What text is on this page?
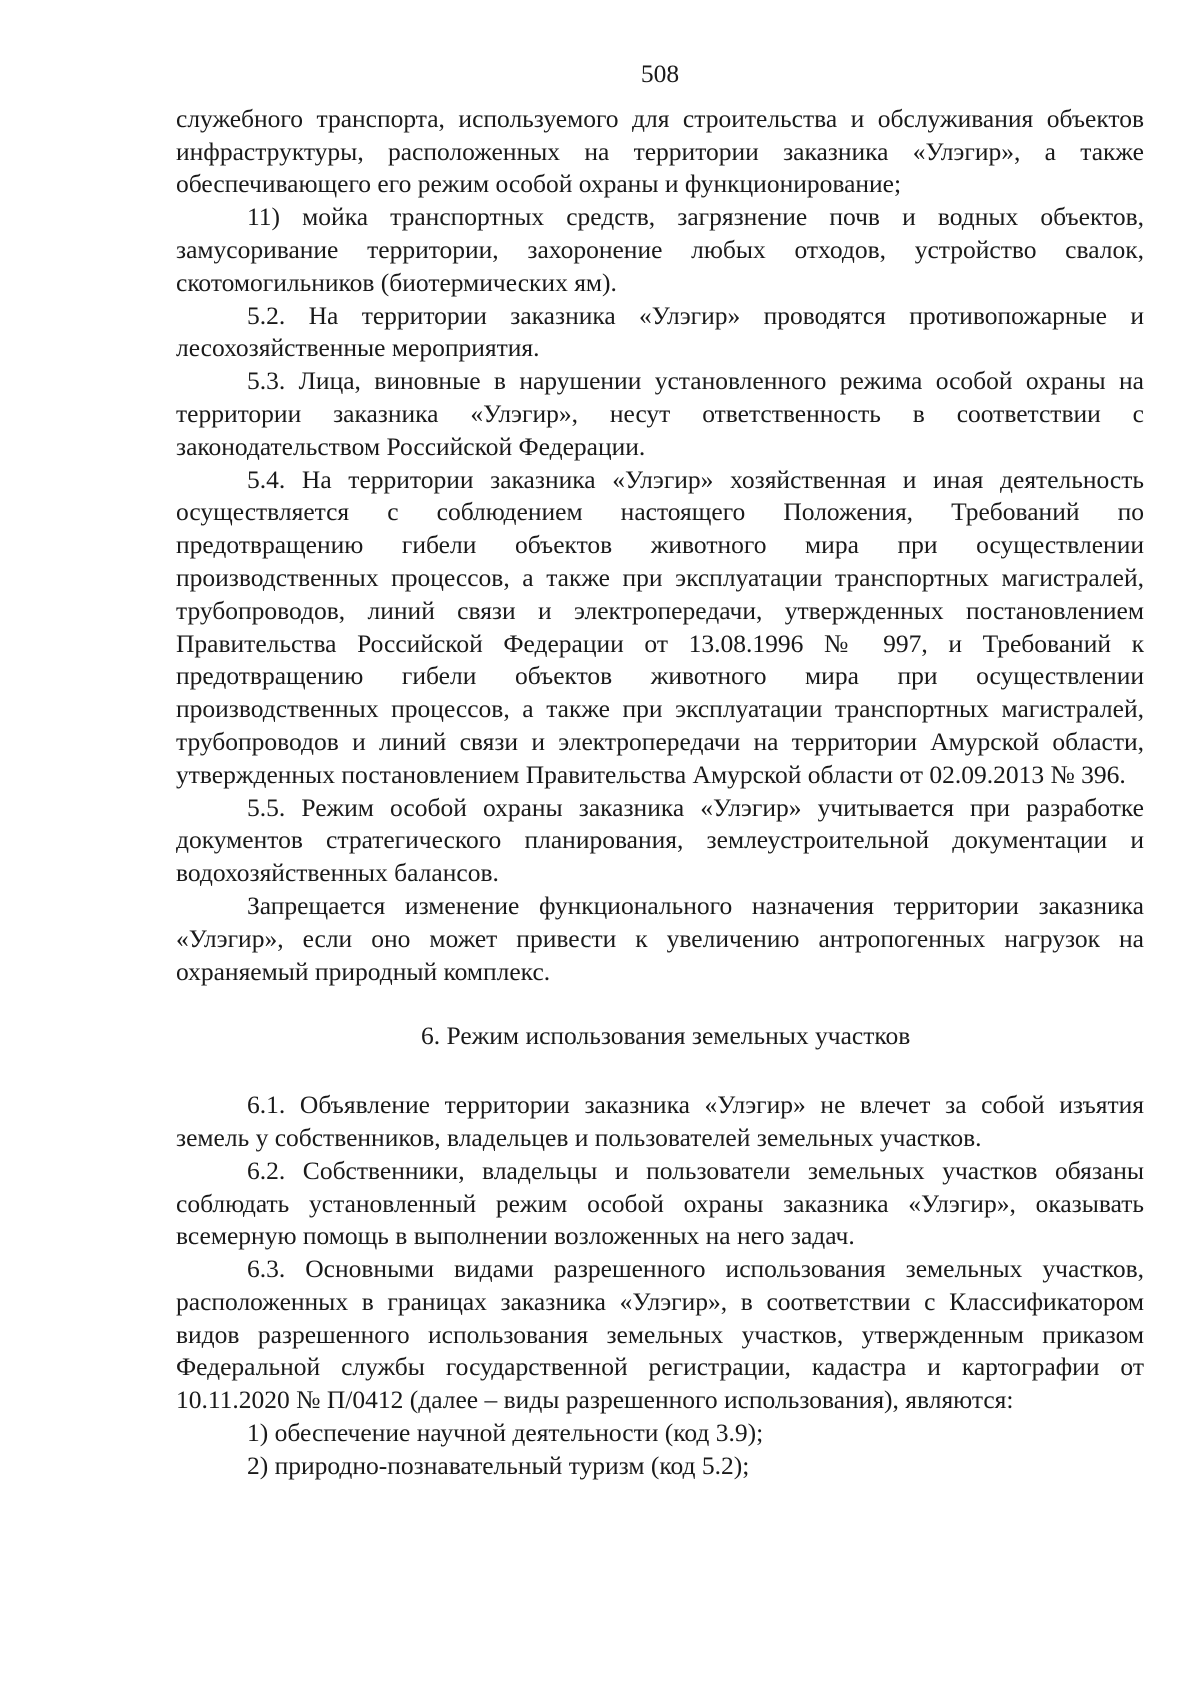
508

служебного транспорта, используемого для строительства и обслуживания объектов инфраструктуры, расположенных на территории заказника «Улэгир», а также обеспечивающего его режим особой охраны и функционирование;

11) мойка транспортных средств, загрязнение почв и водных объектов, замусоривание территории, захоронение любых отходов, устройство свалок, скотомогильников (биотермических ям).

5.2. На территории заказника «Улэгир» проводятся противопожарные и лесохозяйственные мероприятия.

5.3. Лица, виновные в нарушении установленного режима особой охраны на территории заказника «Улэгир», несут ответственность в соответствии с законодательством Российской Федерации.

5.4. На территории заказника «Улэгир» хозяйственная и иная деятельность осуществляется с соблюдением настоящего Положения, Требований по предотвращению гибели объектов животного мира при осуществлении производственных процессов, а также при эксплуатации транспортных магистралей, трубопроводов, линий связи и электропередачи, утвержденных постановлением Правительства Российской Федерации от 13.08.1996 № 997, и Требований к предотвращению гибели объектов животного мира при осуществлении производственных процессов, а также при эксплуатации транспортных магистралей, трубопроводов и линий связи и электропередачи на территории Амурской области, утвержденных постановлением Правительства Амурской области от 02.09.2013 № 396.

5.5. Режим особой охраны заказника «Улэгир» учитывается при разработке документов стратегического планирования, землеустроительной документации и водохозяйственных балансов.

Запрещается изменение функционального назначения территории заказника «Улэгир», если оно может привести к увеличению антропогенных нагрузок на охраняемый природный комплекс.

6. Режим использования земельных участков

6.1. Объявление территории заказника «Улэгир» не влечет за собой изъятия земель у собственников, владельцев и пользователей земельных участков.

6.2. Собственники, владельцы и пользователи земельных участков обязаны соблюдать установленный режим особой охраны заказника «Улэгир», оказывать всемерную помощь в выполнении возложенных на него задач.

6.3. Основными видами разрешенного использования земельных участков, расположенных в границах заказника «Улэгир», в соответствии с Классификатором видов разрешенного использования земельных участков, утвержденным приказом Федеральной службы государственной регистрации, кадастра и картографии от 10.11.2020 № П/0412 (далее – виды разрешенного использования), являются:

1) обеспечение научной деятельности (код 3.9);

2) природно-познавательный туризм (код 5.2);
